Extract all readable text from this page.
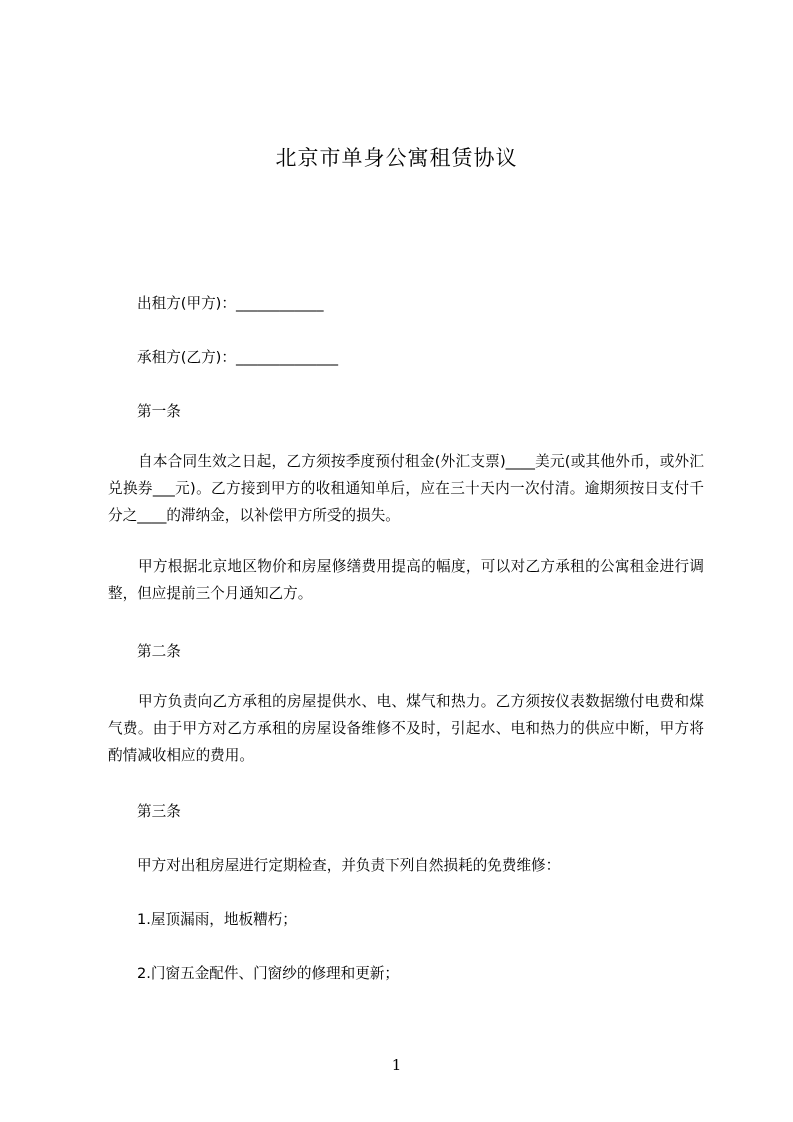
北京市单身公寓租赁协议
出租方(甲方)：____________
承租方(乙方)：______________
第一条
自本合同生效之日起，乙方须按季度预付租金(外汇支票)____美元(或其他外币，或外汇兑换券___元)。乙方接到甲方的收租通知单后，应在三十天内一次付清。逾期须按日支付千分之____的滞纳金，以补偿甲方所受的损失。
甲方根据北京地区物价和房屋修缮费用提高的幅度，可以对乙方承租的公寓租金进行调整，但应提前三个月通知乙方。
第二条
甲方负责向乙方承租的房屋提供水、电、煤气和热力。乙方须按仪表数据缴付电费和煤气费。由于甲方对乙方承租的房屋设备维修不及时，引起水、电和热力的供应中断，甲方将酌情减收相应的费用。
第三条
甲方对出租房屋进行定期检查，并负责下列自然损耗的免费维修：
1.屋顶漏雨，地板糟朽；
2.门窗五金配件、门窗纱的修理和更新；
1
